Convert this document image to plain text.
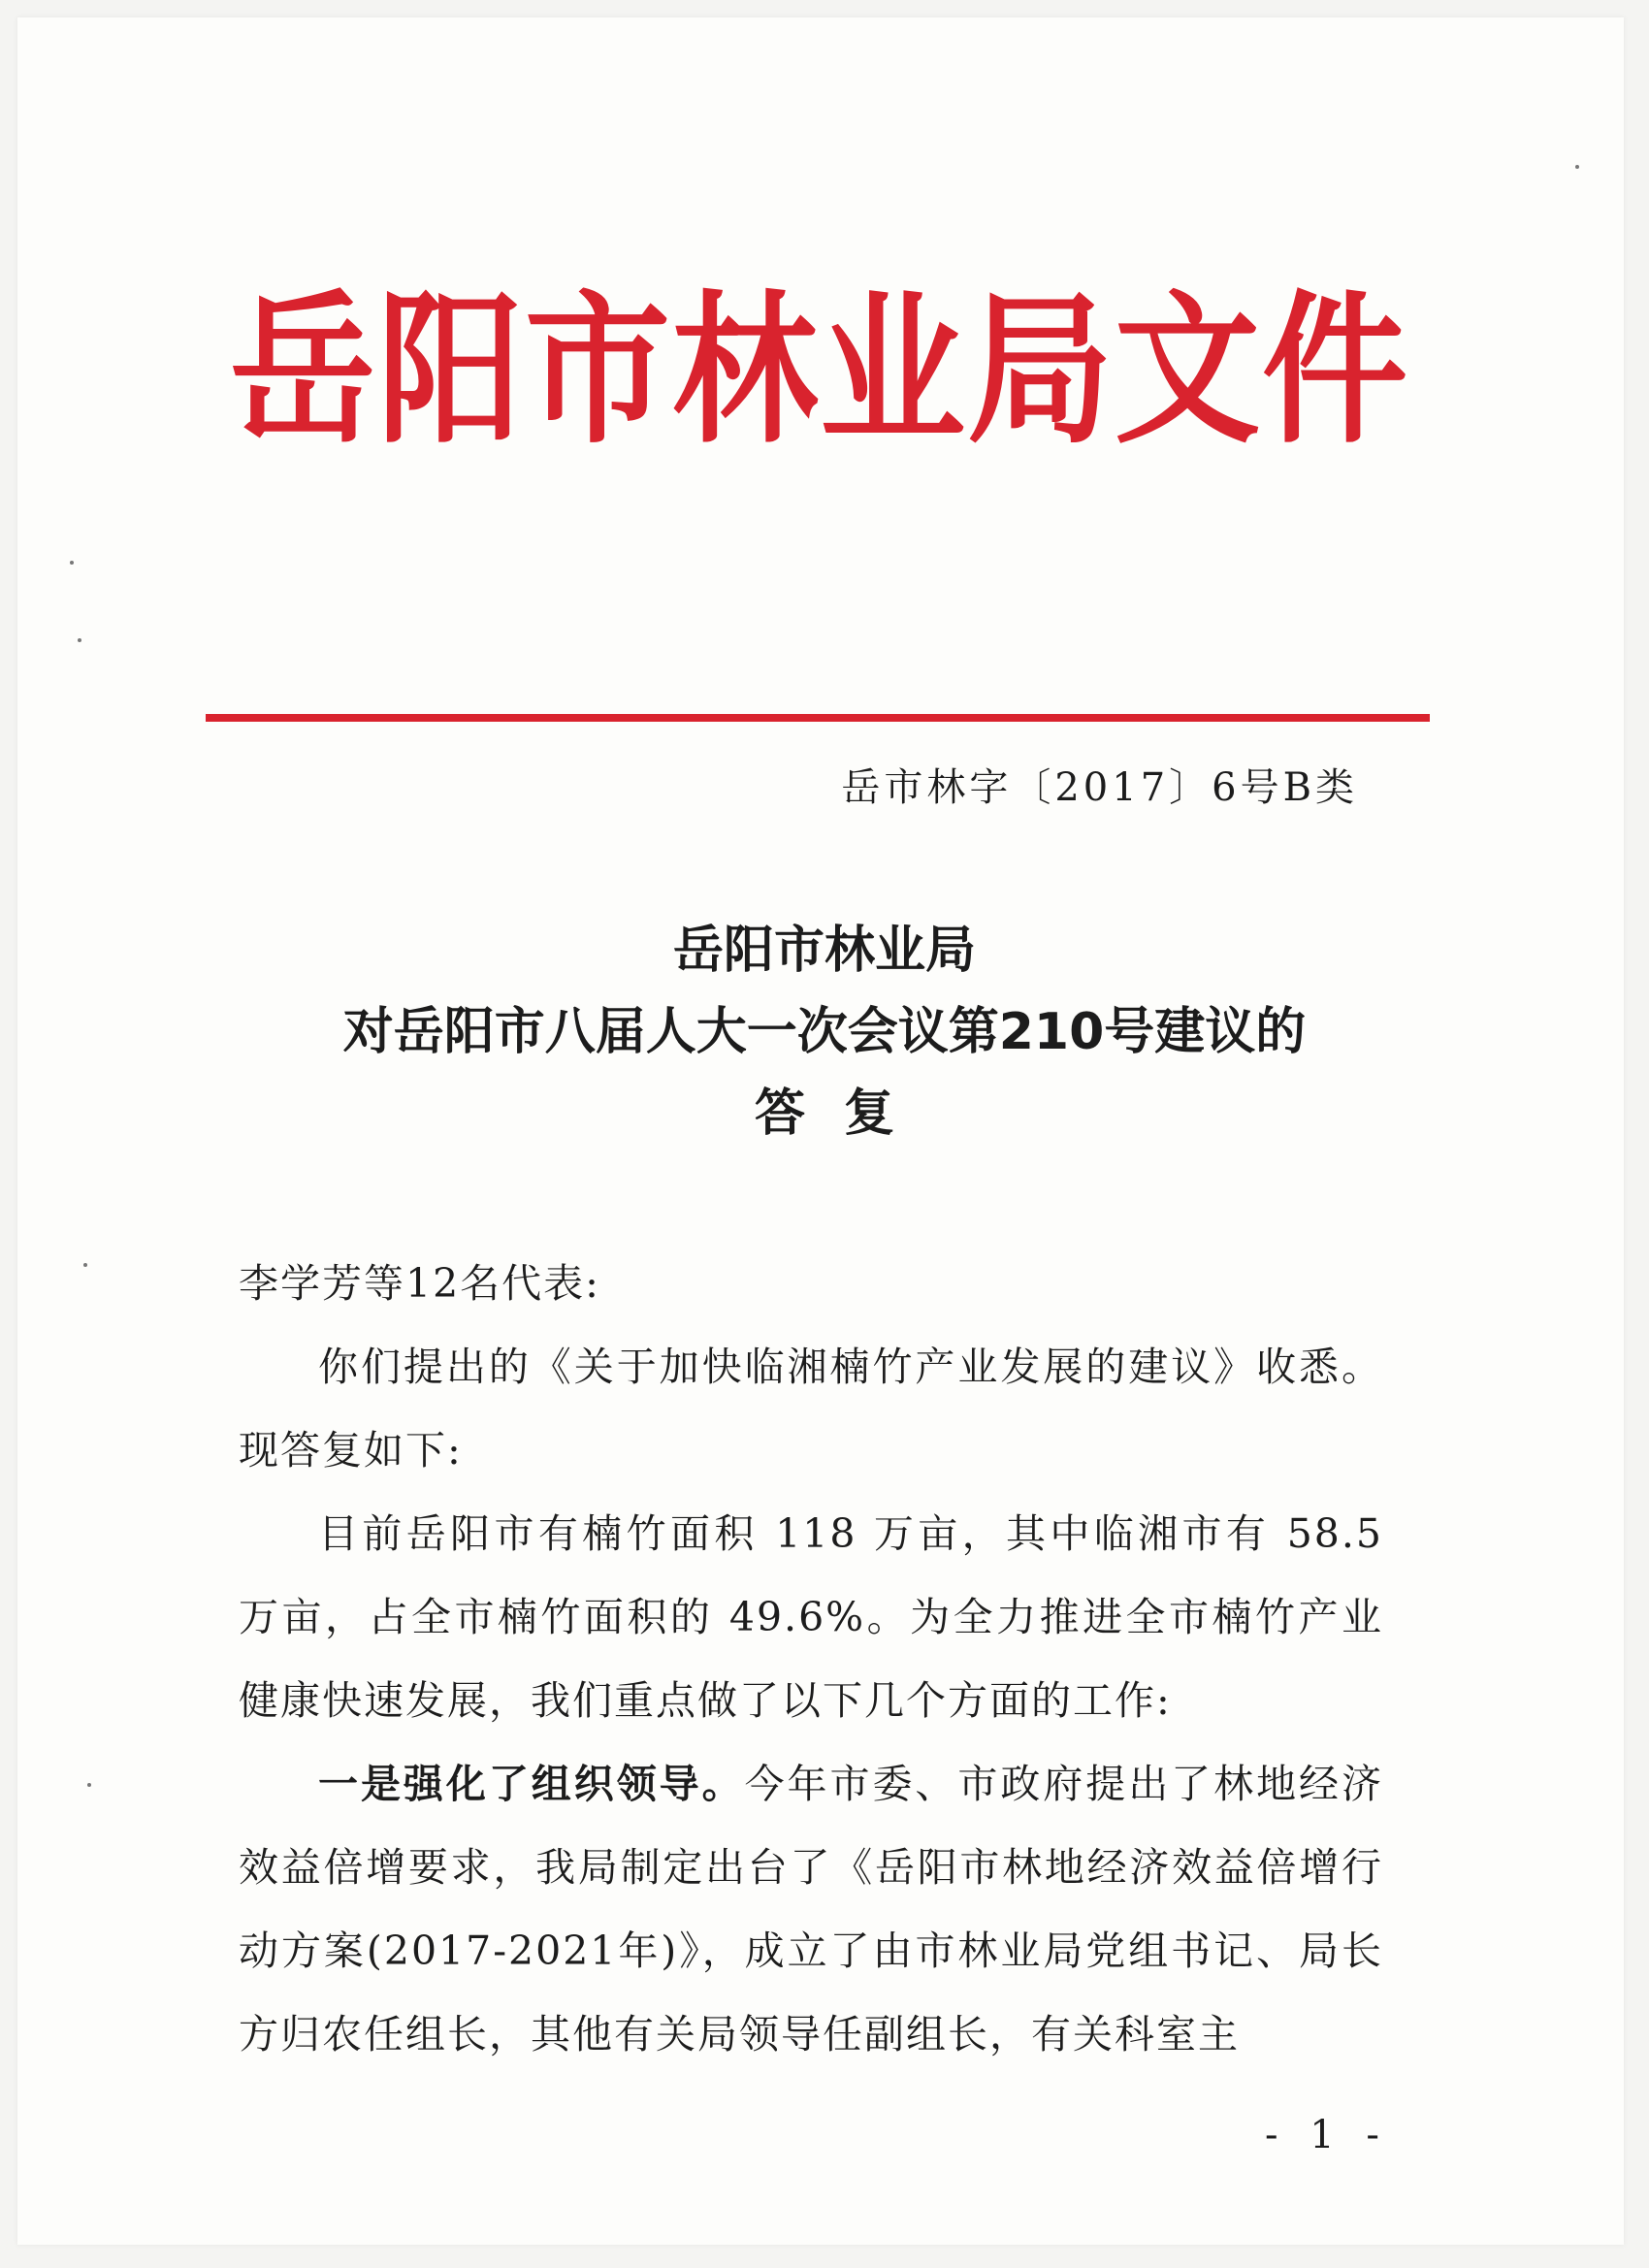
岳阳市林业局文件
岳市林字〔2017〕6号B类
岳阳市林业局
对岳阳市八届人大一次会议第210号建议的
答复

李学芳等12名代表:

你们提出的《关于加快临湘楠竹产业发展的建议》收悉。现答复如下:

目前岳阳市有楠竹面积 118 万亩，其中临湘市有 58.5 万亩，占全市楠竹面积的 49.6%。为全力推进全市楠竹产业健康快速发展，我们重点做了以下几个方面的工作:

一是强化了组织领导。今年市委、市政府提出了林地经济效益倍增要求，我局制定出台了《岳阳市林地经济效益倍增行动方案(2017-2021年)》，成立了由市林业局党组书记、局长方归农任组长，其他有关局领导任副组长，有关科室主

- 1 -
